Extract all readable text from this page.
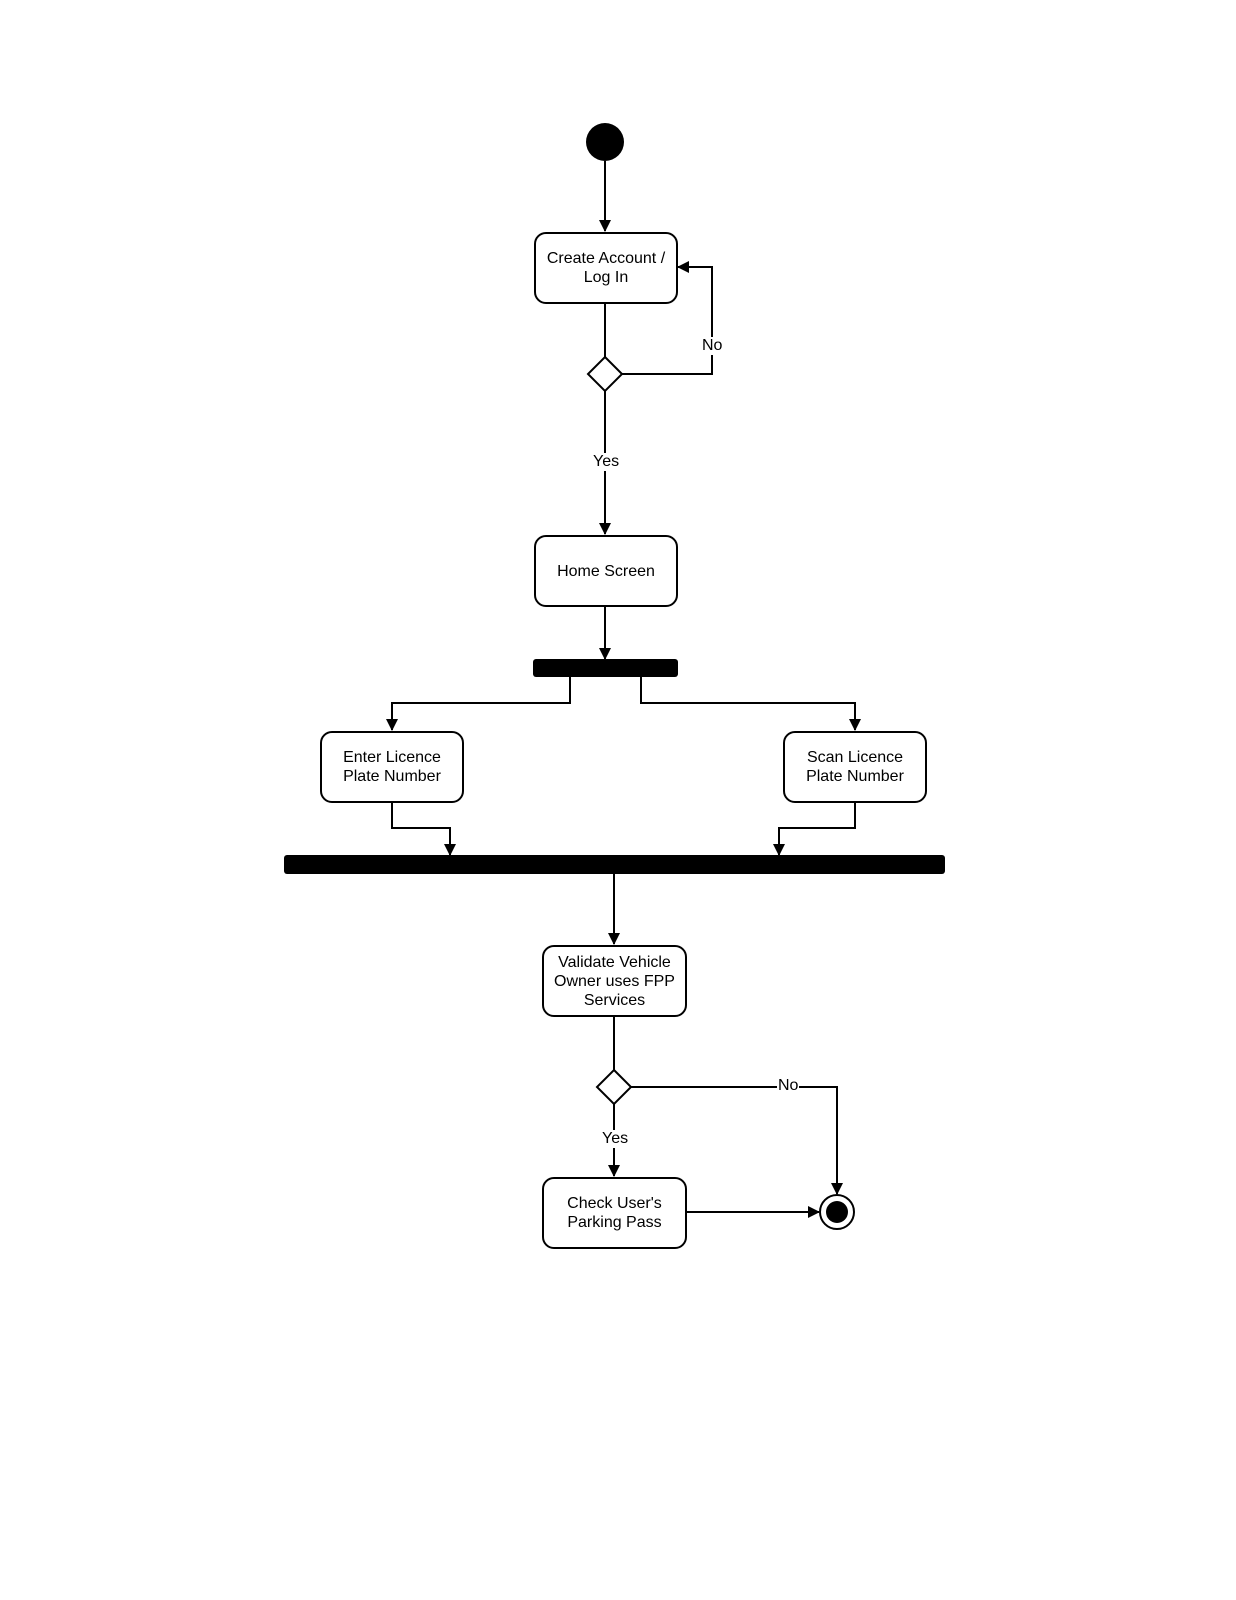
Create Account /
Log In
Home Screen
Enter Licence
Plate Number
Scan Licence
Plate Number
Validate Vehicle
Owner uses FPP
Services
Check User's
Parking Pass
No
Yes
No
Yes
